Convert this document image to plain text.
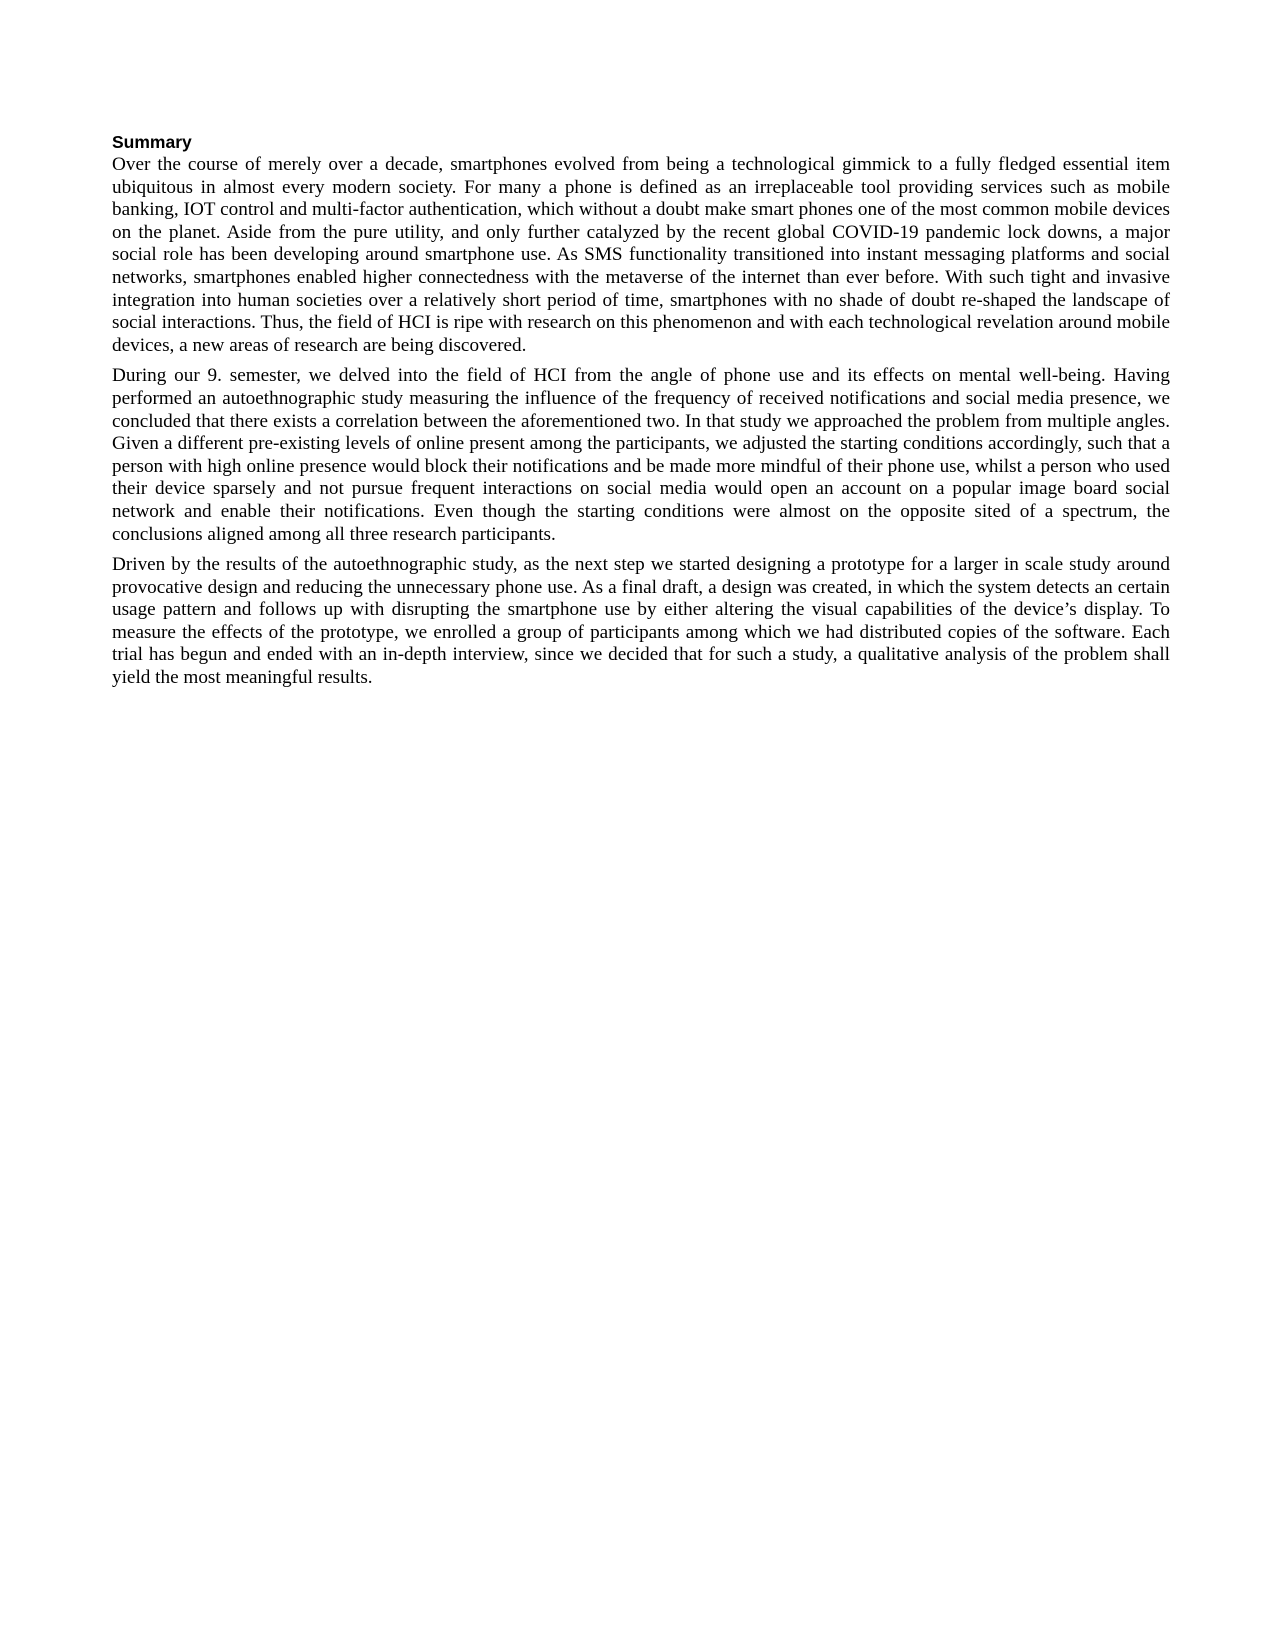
Summary

Over the course of merely over a decade, smartphones evolved from being a technological gimmick to a fully fledged essential item ubiquitous in almost every modern society. For many a phone is defined as an irreplaceable tool providing services such as mobile banking, IOT control and multi-factor authentication, which without a doubt make smart phones one of the most common mobile devices on the planet. Aside from the pure utility, and only further catalyzed by the recent global COVID-19 pandemic lock downs, a major social role has been developing around smartphone use. As SMS functionality transitioned into instant messaging platforms and social networks, smartphones enabled higher connectedness with the metaverse of the internet than ever before. With such tight and invasive integration into human societies over a relatively short period of time, smartphones with no shade of doubt re-shaped the landscape of social interactions. Thus, the field of HCI is ripe with research on this phenomenon and with each technological revelation around mobile devices, a new areas of research are being discovered.

During our 9. semester, we delved into the field of HCI from the angle of phone use and its effects on mental well-being. Having performed an autoethnographic study measuring the influence of the frequency of received notifications and social media presence, we concluded that there exists a correlation between the aforementioned two. In that study we approached the problem from multiple angles. Given a different pre-existing levels of online present among the participants, we adjusted the starting conditions accordingly, such that a person with high online presence would block their notifications and be made more mindful of their phone use, whilst a person who used their device sparsely and not pursue frequent interactions on social media would open an account on a popular image board social network and enable their notifications. Even though the starting conditions were almost on the opposite sited of a spectrum, the conclusions aligned among all three research participants.

Driven by the results of the autoethnographic study, as the next step we started designing a prototype for a larger in scale study around provocative design and reducing the unnecessary phone use. As a final draft, a design was created, in which the system detects an certain usage pattern and follows up with disrupting the smartphone use by either altering the visual capabilities of the device’s display. To measure the effects of the prototype, we enrolled a group of participants among which we had distributed copies of the software. Each trial has begun and ended with an in-depth interview, since we decided that for such a study, a qualitative analysis of the problem shall yield the most meaningful results.
